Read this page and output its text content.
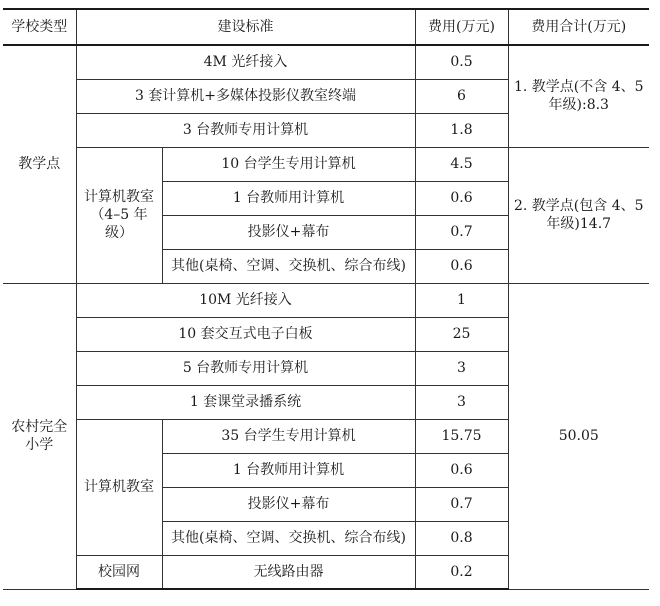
学校类型	建设标准		费用(万元)	费用合计(万元)
教学点	4M 光纤接入		0.5	1. 教学点(不含 4、5 年级):8.3
	3 套计算机+多媒体投影仪教室终端		6	
	3 台教师专用计算机		1.8	
	计算机教室（4–5 年级）	10 台学生专用计算机	4.5	2. 教学点(包含 4、5 年级)14.7
		1 台教师用计算机	0.6	
		投影仪+幕布	0.7	
		其他(桌椅、空调、交换机、综合布线)	0.6	
农村完全小学	10M 光纤接入		1	50.05
	10 套交互式电子白板		25	
	5 台教师专用计算机		3	
	1 套课堂录播系统		3	
	计算机教室	35 台学生专用计算机	15.75	
		1 台教师用计算机	0.6	
		投影仪+幕布	0.7	
		其他(桌椅、空调、交换机、综合布线)	0.8	
	校园网	无线路由器	0.2	
